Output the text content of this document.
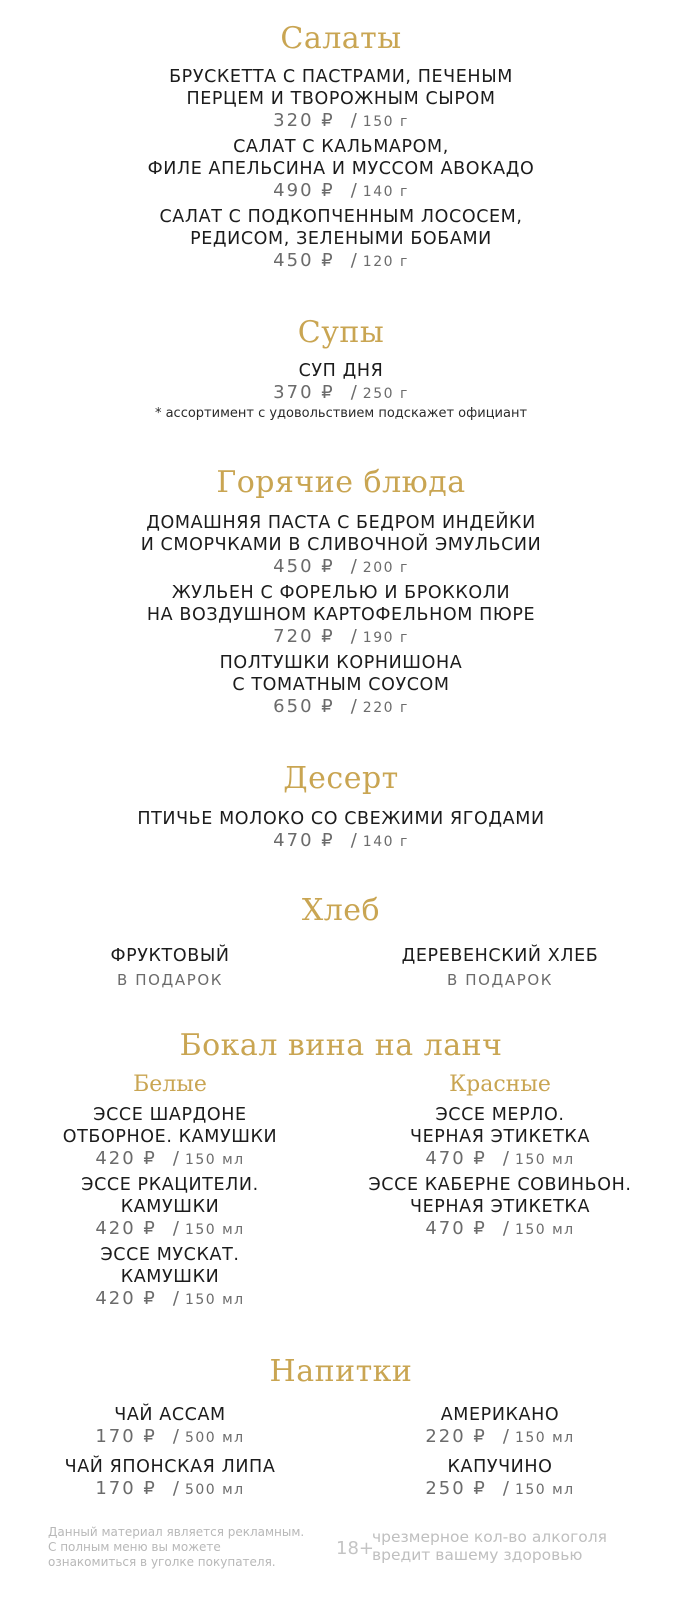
Салаты
БРУСКЕТТА С ПАСТРАМИ, ПЕЧЕНЫМ
ПЕРЦЕМ И ТВОРОЖНЫМ СЫРОМ
320 ₽ / 150 г
САЛАТ С КАЛЬМАРОМ,
ФИЛЕ АПЕЛЬСИНА И МУССОМ АВОКАДО
490 ₽ / 140 г
САЛАТ С ПОДКОПЧЕННЫМ ЛОСОСЕМ,
РЕДИСОМ, ЗЕЛЕНЫМИ БОБАМИ
450 ₽ / 120 г
Супы
СУП ДНЯ
370 ₽ / 250 г
* ассортимент с удовольствием подскажет официант
Горячие блюда
ДОМАШНЯЯ ПАСТА С БЕДРОМ ИНДЕЙКИ
И СМОРЧКАМИ В СЛИВОЧНОЙ ЭМУЛЬСИИ
450 ₽ / 200 г
ЖУЛЬЕН С ФОРЕЛЬЮ И БРОККОЛИ
НА ВОЗДУШНОМ КАРТОФЕЛЬНОМ ПЮРЕ
720 ₽ / 190 г
ПОЛТУШКИ КОРНИШОНА
С ТОМАТНЫМ СОУСОМ
650 ₽ / 220 г
Десерт
ПТИЧЬЕ МОЛОКО СО СВЕЖИМИ ЯГОДАМИ
470 ₽ / 140 г
Хлеб
ФРУКТОВЫЙ
В ПОДАРОК
ДЕРЕВЕНСКИЙ ХЛЕБ
В ПОДАРОК
Бокал вина на ланч
Белые	Красные
ЭССЕ ШАРДОНЕ
ОТБОРНОЕ. КАМУШКИ
420 ₽ / 150 мл
ЭССЕ РКАЦИТЕЛИ.
КАМУШКИ
420 ₽ / 150 мл
ЭССЕ МУСКАТ.
КАМУШКИ
420 ₽ / 150 мл
ЭССЕ МЕРЛО.
ЧЕРНАЯ ЭТИКЕТКА
470 ₽ / 150 мл
ЭССЕ КАБЕРНЕ СОВИНЬОН.
ЧЕРНАЯ ЭТИКЕТКА
470 ₽ / 150 мл
Напитки
ЧАЙ АССАМ
170 ₽ / 500 мл
ЧАЙ ЯПОНСКАЯ ЛИПА
170 ₽ / 500 мл
АМЕРИКАНО
220 ₽ / 150 мл
КАПУЧИНО
250 ₽ / 150 мл
Данный материал является рекламным.
С полным меню вы можете
ознакомиться в уголке покупателя.
18+
чрезмерное кол-во алкоголя
вредит вашему здоровью
